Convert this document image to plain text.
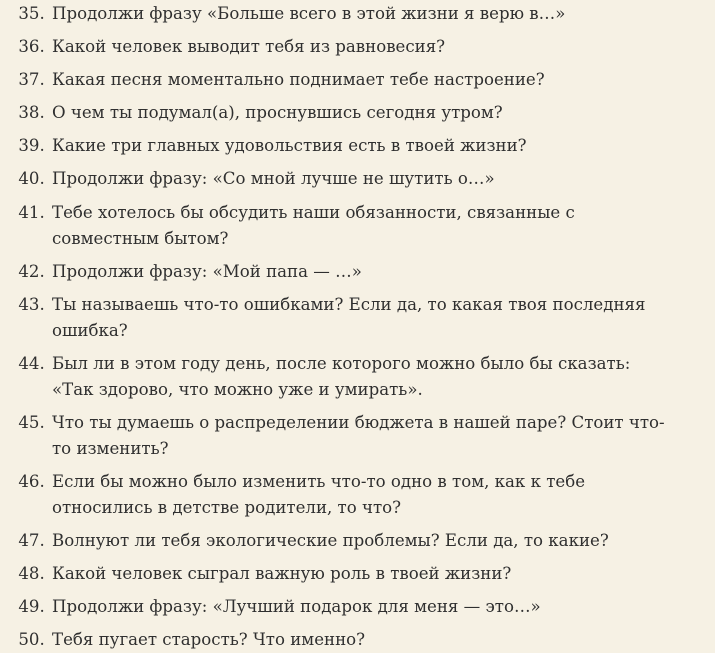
35. Продолжи фразу «Больше всего в этой жизни я верю в…»
36. Какой человек выводит тебя из равновесия?
37. Какая песня моментально поднимает тебе настроение?
38. О чем ты подумал(а), проснувшись сегодня утром?
39. Какие три главных удовольствия есть в твоей жизни?
40. Продолжи фразу: «Со мной лучше не шутить о…»
41. Тебе хотелось бы обсудить наши обязанности, связанные с совместным бытом?
42. Продолжи фразу: «Мой папа — …»
43. Ты называешь что-то ошибками? Если да, то какая твоя последняя ошибка?
44. Был ли в этом году день, после которого можно было бы сказать: «Так здорово, что можно уже и умирать».
45. Что ты думаешь о распределении бюджета в нашей паре? Стоит что-то изменить?
46. Если бы можно было изменить что-то одно в том, как к тебе относились в детстве родители, то что?
47. Волнуют ли тебя экологические проблемы? Если да, то какие?
48. Какой человек сыграл важную роль в твоей жизни?
49. Продолжи фразу: «Лучший подарок для меня — это…»
50. Тебя пугает старость? Что именно?
